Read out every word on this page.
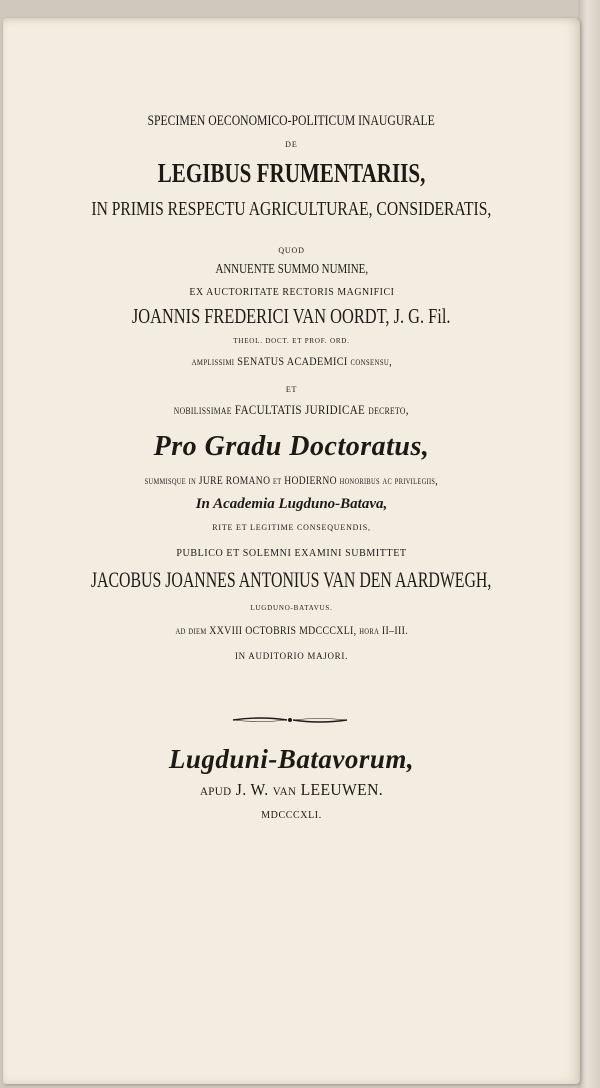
SPECIMEN OECONOMICO-POLITICUM INAUGURALE
DE
LEGIBUS FRUMENTARIIS,
IN PRIMIS RESPECTU AGRICULTURAE, CONSIDERATIS,
QUOD
ANNUENTE SUMMO NUMINE,
EX AUCTORITATE RECTORIS MAGNIFICI
JOANNIS FREDERICI VAN OORDT, J. G. Fil.
THEOL. DOCT. ET PROF. ORD.
amplissimi SENATUS ACADEMICI consensu,
ET
nobilissimae FACULTATIS JURIDICAE decreto,
Pro Gradu Doctoratus,
summisque in JURE ROMANO et HODIERNO honoribus ac privilegiis,
In Academia Lugduno-Batava,
RITE ET LEGITIME CONSEQUENDIS,
PUBLICO ET SOLEMNI EXAMINI SUBMITTET
JACOBUS JOANNES ANTONIUS VAN DEN AARDWEGH,
LUGDUNO-BATAVUS.
ad diem XXVIII OCTOBRIS MDCCCXLI, hora II–III.
IN AUDITORIO MAJORI.
Lugduni-Batavorum,
apud J. W. van LEEUWEN.
MDCCCXLI.
